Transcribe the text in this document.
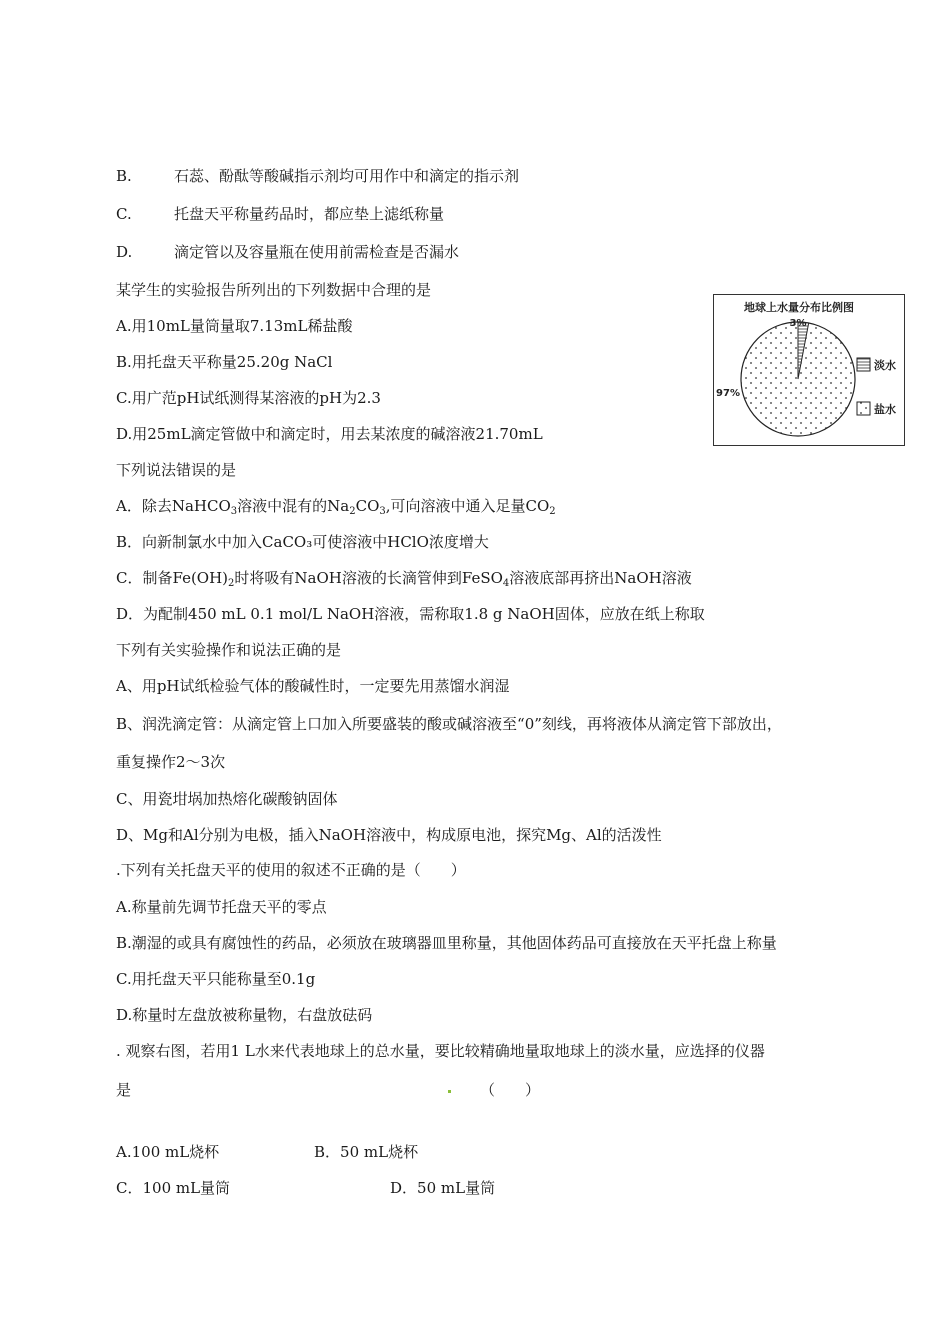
B.	石蕊、酚酞等酸碱指示剂均可用作中和滴定的指示剂
C.	托盘天平称量药品时，都应垫上滤纸称量
D.	滴定管以及容量瓶在使用前需检查是否漏水
某学生的实验报告所列出的下列数据中合理的是
A.用10mL量筒量取7.13mL稀盐酸
B.用托盘天平称量25.20g NaCl
C.用广范pH试纸测得某溶液的pH为2.3
D.用25mL滴定管做中和滴定时，用去某浓度的碱溶液21.70mL
地球上水量分布比例图
3%
97%
淡水
盐水
下列说法错误的是
A．除去NaHCO$_3$溶液中混有的$Na_2CO_3$,可向溶液中通入足量$CO_2$
B．向新制氯水中加入CaCO₃可使溶液中HClO浓度增大
C．制备$Fe(OH)_2$时将吸有NaOH溶液的长滴管伸到FeSO$_4$溶液底部再挤出NaOH溶液
D．为配制450 mL 0.1 mol/L NaOH溶液，需称取1.8 g NaOH固体，应放在纸上称取
下列有关实验操作和说法正确的是
A、用pH试纸检验气体的酸碱性时，一定要先用蒸馏水润湿
B、润洗滴定管：从滴定管上口加入所要盛装的酸或碱溶液至“0”刻线，再将液体从滴定管下部放出，
重复操作2～3次
C、用瓷坩埚加热熔化碳酸钠固体
D、Mg和Al分别为电极，插入NaOH溶液中，构成原电池，探究Mg、Al的活泼性
.下列有关托盘天平的使用的叙述不正确的是（　　）
A.称量前先调节托盘天平的零点
B.潮湿的或具有腐蚀性的药品，必须放在玻璃器皿里称量，其他固体药品可直接放在天平托盘上称量
C.用托盘天平只能称量至0.1g
D.称量时左盘放被称量物，右盘放砝码
. 观察右图，若用1 L水来代表地球上的总水量，要比较精确地量取地球上的淡水量，应选择的仪器
是	（　　）
A.100 mL烧杯	B．50 mL烧杯
C．100 mL量筒	D．50 mL量筒
